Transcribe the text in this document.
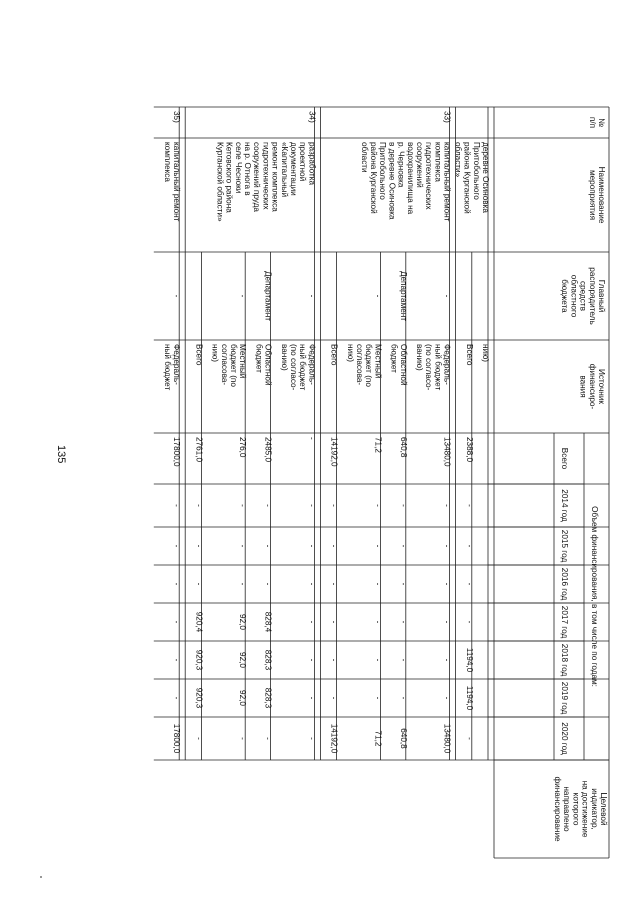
135
№
п/п
Наименование
мероприятия
Главный
распорядитель
средств
областного
бюджета
Источник
финансиро-
вания
Объем финансирования, в том числе по годам:
Всего
2014 год
2015 год
2016 год
2017 год
2018 год
2019 год
2020 год
Целевой
индикатор,
на достижение
которого
направлено
финансирование
нию)
Всего
2388,0
-
-
-
-
1194,0
1194,0
-
деревне Осиновка
Притобольного
района Курганской
области»
-
Федераль-
ный бюджет
(по согласо-
ванию)
13480,0
-
-
-
-
-
-
13480,0
Департамент
Областной
бюджет
640,8
-
-
-
-
-
-
640,8
-
Местный
бюджет (по
согласова-
нию)
71,2
-
-
-
-
-
-
71,2
Всего
14192,0
-
-
-
-
-
-
14192,0
капитальный ремонт
комплекса
гидротехнических
сооружений
водохранилища на
р. Черновка
в деревне Осиновка
Притобольного
района Курганской
области
33)
-
Федераль-
ный бюджет
(по согласо-
ванию)
-
-
-
-
-
-
-
-
Департамент
Областной
бюджет
2485,0
-
-
-
828,4
828,3
828,3
-
-
Местный
бюджет (по
согласова-
нию)
276,0
-
-
-
92,0
92,0
92,0
-
Всего
2761,0
-
-
-
920,4
920,3
920,3
-
разработка
проектной
документации
«Капитальный
ремонт комплекса
гидротехнических
сооружений пруда
на р. Отнога в
селе Чесноки
Кетовского района
Курганской области»
34)
-
Федераль-
ный бюджет
17800,0
-
-
-
-
-
-
17800,0
капитальный ремонт
комплекса
35)
